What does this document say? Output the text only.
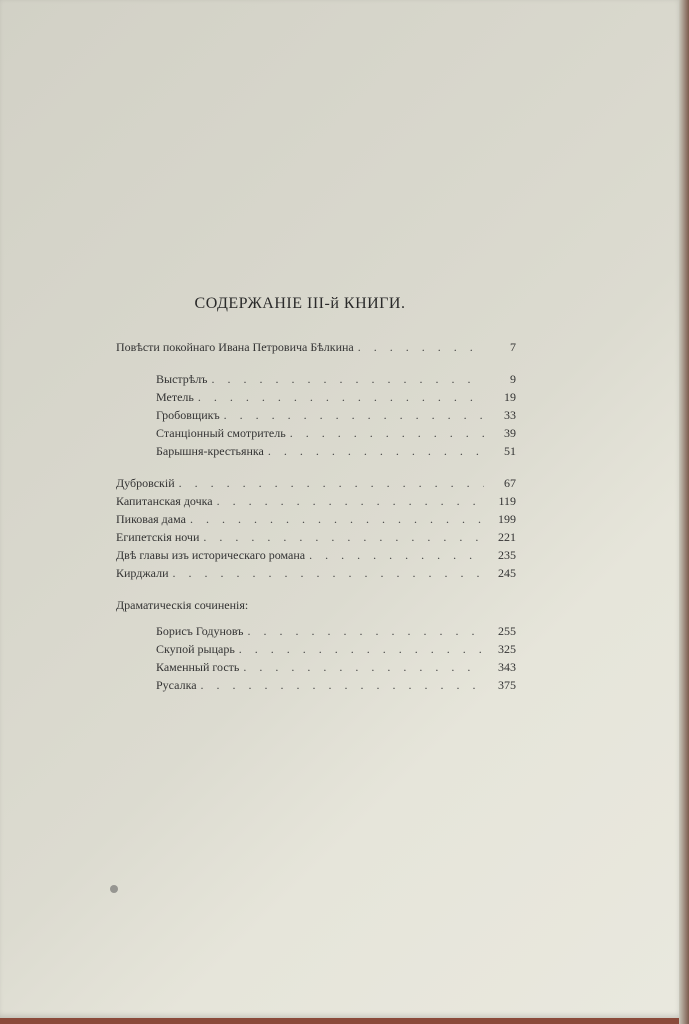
СОДЕРЖАНІЕ III-й КНИГИ.
Повѣсти покойнаго Ивана Петровича Бѣлкина . . .	7
Выстрѣлъ . . .	9
Метель . . .	19
Гробовщикъ . . .	33
Станціонный смотритель . . .	39
Барышня-крестьянка . . .	51
Дубровскій . . .	67
Капитанская дочка . . .	119
Пиковая дама . . .	199
Египетскія ночи . . .	221
Двѣ главы изъ историческаго романа . . .	235
Кирджали . . .	245
Драматическія сочиненія:
Борисъ Годуновъ . . .	255
Скупой рыцарь . . .	325
Каменный гость . . .	343
Русалка . . .	375
